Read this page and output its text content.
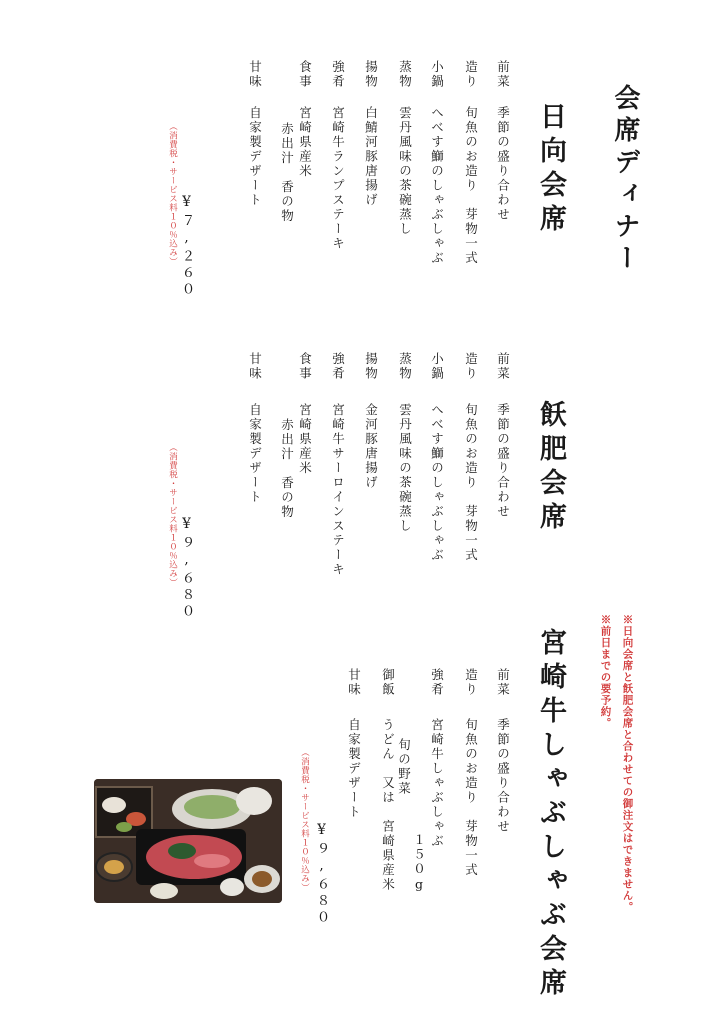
会席ディナー
日向会席
前菜
季節の盛り合わせ
造り
旬魚のお造り　芽物一式
小鍋
へべす鰤のしゃぶしゃぶ
蒸物
雲丹風味の茶碗蒸し
揚物
白鯖河豚唐揚げ
強肴
宮崎牛ランプステーキ
食事
宮崎県産米
赤出汁　香の物
甘味
自家製デザート
¥７,２６０
（消費税・サービス料１０％込み）
飫肥会席
前菜
季節の盛り合わせ
造り
旬魚のお造り　芽物一式
小鍋
へべす鰤のしゃぶしゃぶ
蒸物
雲丹風味の茶碗蒸し
揚物
金河豚唐揚げ
強肴
宮崎牛サーロインステーキ
食事
宮崎県産米
赤出汁　香の物
甘味
自家製デザート
¥９,６８０
（消費税・サービス料１０％込み）
※日向会席と飫肥会席と合わせての御注文はできません。
※前日までの要予約。
宮崎牛しゃぶしゃぶ会席
前菜
季節の盛り合わせ
造り
旬魚のお造り　芽物一式
強肴
宮崎牛しゃぶしゃぶ
１５０g
御飯
旬の野菜
うどん　又は　宮崎県産米
甘味
自家製デザート
¥９,６８０
（消費税・サービス料１０％込み）
